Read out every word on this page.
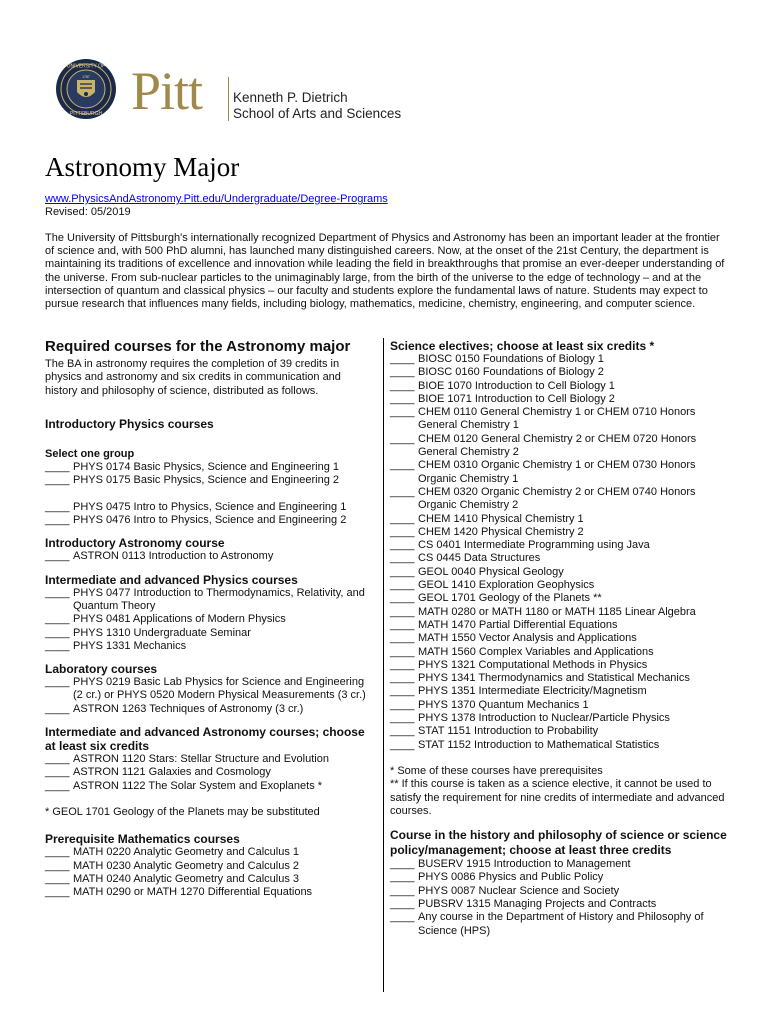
UNIVERSITY OF
PITTSBURGH
1787 Pitt Kenneth P. Dietrich
School of Arts and Sciences
Astronomy Major
www.PhysicsAndAstronomy.Pitt.edu/Undergraduate/Degree-Programs
Revised: 05/2019

The University of Pittsburgh's internationally recognized Department of Physics and Astronomy has been an important leader at the frontier of science and, with 500 PhD alumni, has launched many distinguished careers. Now, at the onset of the 21st Century, the department is maintaining its traditions of excellence and innovation while leading the field in breakthroughs that promise an ever-deeper understanding of the universe. From sub-nuclear particles to the unimaginably large, from the birth of the universe to the edge of technology – and at the intersection of quantum and classical physics – our faculty and students explore the fundamental laws of nature. Students may expect to pursue research that influences many fields, including biology, mathematics, medicine, chemistry, engineering, and computer science.

Required courses for the Astronomy major

The BA in astronomy requires the completion of 39 credits in physics and astronomy and six credits in communication and history and philosophy of science, distributed as follows.

Introductory Physics courses

Select one group

____ PHYS 0174 Basic Physics, Science and Engineering 1
____ PHYS 0175 Basic Physics, Science and Engineering 2
____ PHYS 0475 Intro to Physics, Science and Engineering 1
____ PHYS 0476 Intro to Physics, Science and Engineering 2

Introductory Astronomy course

____ ASTRON 0113 Introduction to Astronomy

Intermediate and advanced Physics courses

____ PHYS 0477 Introduction to Thermodynamics, Relativity, and Quantum Theory
____ PHYS 0481 Applications of Modern Physics
____ PHYS 1310 Undergraduate Seminar
____ PHYS 1331 Mechanics

Laboratory courses

____ PHYS 0219 Basic Lab Physics for Science and Engineering (2 cr.) or PHYS 0520 Modern Physical Measurements (3 cr.)
____ ASTRON 1263 Techniques of Astronomy (3 cr.)

Intermediate and advanced Astronomy courses; choose at least six credits

____ ASTRON 1120 Stars: Stellar Structure and Evolution
____ ASTRON 1121 Galaxies and Cosmology
____ ASTRON 1122 The Solar System and Exoplanets *

* GEOL 1701 Geology of the Planets may be substituted

Prerequisite Mathematics courses

____ MATH 0220 Analytic Geometry and Calculus 1
____ MATH 0230 Analytic Geometry and Calculus 2
____ MATH 0240 Analytic Geometry and Calculus 3
____ MATH 0290 or MATH 1270 Differential Equations

Science electives; choose at least six credits *

____ BIOSC 0150 Foundations of Biology 1
____ BIOSC 0160 Foundations of Biology 2
____ BIOE 1070 Introduction to Cell Biology 1
____ BIOE 1071 Introduction to Cell Biology 2
____ CHEM 0110 General Chemistry 1 or CHEM 0710 Honors General Chemistry 1
____ CHEM 0120 General Chemistry 2 or CHEM 0720 Honors General Chemistry 2
____ CHEM 0310 Organic Chemistry 1 or CHEM 0730 Honors Organic Chemistry 1
____ CHEM 0320 Organic Chemistry 2 or CHEM 0740 Honors Organic Chemistry 2
____ CHEM 1410 Physical Chemistry 1
____ CHEM 1420 Physical Chemistry 2
____ CS 0401 Intermediate Programming using Java
____ CS 0445 Data Structures
____ GEOL 0040 Physical Geology
____ GEOL 1410 Exploration Geophysics
____ GEOL 1701 Geology of the Planets **
____ MATH 0280 or MATH 1180 or MATH 1185 Linear Algebra
____ MATH 1470 Partial Differential Equations
____ MATH 1550 Vector Analysis and Applications
____ MATH 1560 Complex Variables and Applications
____ PHYS 1321 Computational Methods in Physics
____ PHYS 1341 Thermodynamics and Statistical Mechanics
____ PHYS 1351 Intermediate Electricity/Magnetism
____ PHYS 1370 Quantum Mechanics 1
____ PHYS 1378 Introduction to Nuclear/Particle Physics
____ STAT 1151 Introduction to Probability
____ STAT 1152 Introduction to Mathematical Statistics

* Some of these courses have prerequisites

** If this course is taken as a science elective, it cannot be used to satisfy the requirement for nine credits of intermediate and advanced courses.

Course in the history and philosophy of science or science policy/management; choose at least three credits

____ BUSERV 1915 Introduction to Management
____ PHYS 0086 Physics and Public Policy
____ PHYS 0087 Nuclear Science and Society
____ PUBSRV 1315 Managing Projects and Contracts
____ Any course in the Department of History and Philosophy of Science (HPS)
